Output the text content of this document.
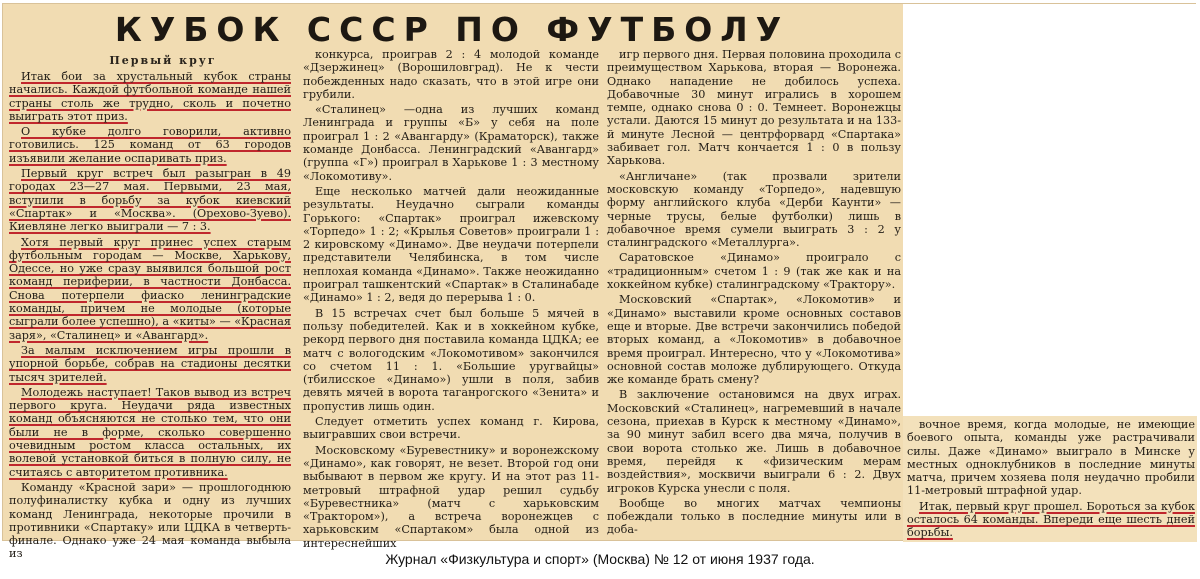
КУБОК СССР ПО ФУТБОЛУ
Первый круг

Итак бои за хрустальный кубок страны начались. Каждой футбольной команде нашей страны столь же трудно, сколь и почетно выиграть этот приз.

О кубке долго говорили, активно готовились. 125 команд от 63 городов изъявили желание оспаривать приз.

Первый круг встреч был разыгран в 49 городах 23—27 мая. Первыми, 23 мая, вступили в борьбу за кубок киевский «Спартак» и «Москва». (Орехово-Зуево). Киевляне легко выиграли — 7 : 3.

Хотя первый круг принес успех старым футбольным городам — Москве, Харькову, Одессе, но уже сразу выявился большой рост команд периферии, в частности Донбасса. Снова потерпели фиаско ленинградские команды, причем не молодые (которые сыграли более успешно), а «киты» — «Красная заря», «Сталинец» и «Авангард».

За малым исключением игры прошли в упорной борьбе, собрав на стадионы десятки тысяч зрителей.

Молодежь наступает! Таков вывод из встреч первого круга. Неудачи ряда известных команд объясняются не столько тем, что они были не в форме, сколько совершенно очевидным ростом класса остальных, их волевой установкой биться в полную силу, не считаясь с авторитетом противника.

Команду «Красной зари» — прошлогоднюю полуфиналистку кубка и одну из лучших команд Ленинграда, некоторые прочили в противники «Спартаку» или ЦДКА в четверть-финале. Однако уже 24 мая команда выбыла из

конкурса, проиграв 2 : 4 молодой команде «Дзержинец» (Ворошиловград). Не к чести побежденных надо сказать, что в этой игре они грубили.

«Сталинец» —одна из лучших команд Ленинграда и группы «Б» у себя на поле проиграл 1 : 2 «Авангарду» (Краматорск), также команде Донбасса. Ленинградский «Авангард» (группа «Г») проиграл в Харькове 1 : 3 местному «Локомотиву».

Еще несколько матчей дали неожиданные результаты. Неудачно сыграли команды Горького: «Спартак» проиграл ижевскому «Торпедо» 1 : 2; «Крылья Советов» проиграли 1 : 2 кировскому «Динамо». Две неудачи потерпели представители Челябинска, в том числе неплохая команда «Динамо». Также неожиданно проиграл ташкентский «Спартак» в Сталинабаде «Динамо» 1 : 2, ведя до перерыва 1 : 0.

В 15 встречах счет был больше 5 мячей в пользу победителей. Как и в хоккейном кубке, рекорд первого дня поставила команда ЦДКА; ее матч с вологодским «Локомотивом» закончился со счетом 11 : 1. «Большие уругвайцы» (тбилисское «Динамо») ушли в поля, забив девять мячей в ворота таганрогского «Зенита» и пропустив лишь один.

Следует отметить успех команд г. Кирова, выигравших свои встречи.

Московскому «Буревестнику» и воронежскому «Динамо», как говорят, не везет. Второй год они выбывают в первом же кругу. И на этот раз 11-метровый штрафной удар решил судьбу «Буревестника» (матч с харьковским «Трактором»), а встреча воронежцев с харьковским «Спартаком» была одной из интереснейших

игр первого дня. Первая половина проходила с преимуществом Харькова, вторая — Воронежа. Однако нападение не добилось успеха. Добавочные 30 минут игрались в хорошем темпе, однако снова 0 : 0. Темнеет. Воронежцы устали. Даются 15 минут до результата и на 133-й минуте Лесной — центрфорвард «Спартака» забивает гол. Матч кончается 1 : 0 в пользу Харькова.

«Англичане» (так прозвали зрители московскую команду «Торпедо», надевшую форму английского клуба «Дерби Каунти» — черные трусы, белые футболки) лишь в добавочное время сумели выиграть 3 : 2 у сталинградского «Металлурга».

Саратовское «Динамо» проиграло с «традиционным» счетом 1 : 9 (так же как и на хоккейном кубке) сталинградскому «Трактору».

Московский «Спартак», «Локомотив» и «Динамо» выставили кроме основных составов еще и вторые. Две встречи закончились победой вторых команд, а «Локомотив» в добавочное время проиграл. Интересно, что у «Локомотива» основной состав моложе дублирующего. Откуда же команде брать смену?

В заключение остановимся на двух играх. Московский «Сталинец», нагремевший в начале сезона, приехав в Курск к местному «Динамо», за 90 минут забил всего два мяча, получив в свои ворота столько же. Лишь в добавочное время, перейдя к «физическим мерам воздействия», москвичи выиграли 6 : 2. Двух игроков Курска унесли с поля.

Вообще во многих матчах чемпионы побеждали только в последние минуты или в доба-

вочное время, когда молодые, не имеющие боевого опыта, команды уже растрачивали силы. Даже «Динамо» выиграло в Минске у местных одноклубников в последние минуты матча, причем хозяева поля неудачно пробили 11-метровый штрафной удар.

Итак, первый круг прошел. Бороться за кубок осталось 64 команды. Впереди еще шесть дней борьбы.

Журнал «Физкультура и спорт» (Москва) № 12 от июня 1937 года.
